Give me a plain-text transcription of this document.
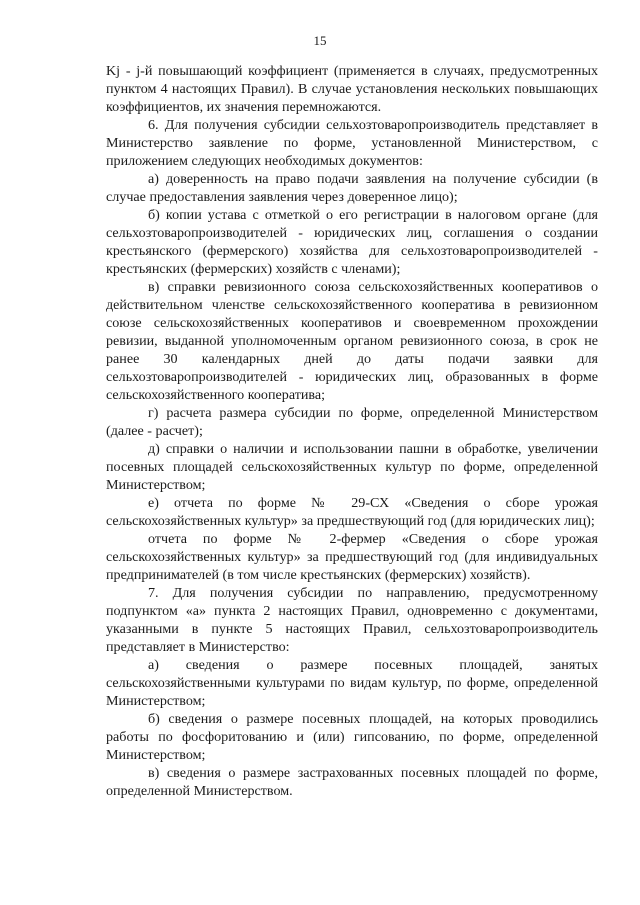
15

Kj - j-й повышающий коэффициент (применяется в случаях, предусмотренных пунктом 4 настоящих Правил). В случае установления нескольких повышающих коэффициентов, их значения перемножаются.

6. Для получения субсидии сельхозтоваропроизводитель представляет в Министерство заявление по форме, установленной Министерством, с приложением следующих необходимых документов:

а) доверенность на право подачи заявления на получение субсидии (в случае предоставления заявления через доверенное лицо);

б) копии устава с отметкой о его регистрации в налоговом органе (для сельхозтоваропроизводителей - юридических лиц, соглашения о создании крестьянского (фермерского) хозяйства для сельхозтоваропроизводителей - крестьянских (фермерских) хозяйств с членами);

в) справки ревизионного союза сельскохозяйственных кооперативов о действительном членстве сельскохозяйственного кооператива в ревизионном союзе сельскохозяйственных кооперативов и своевременном прохождении ревизии, выданной уполномоченным органом ревизионного союза, в срок не ранее 30 календарных дней до даты подачи заявки для сельхозтоваропроизводителей - юридических лиц, образованных в форме сельскохозяйственного кооператива;

г) расчета размера субсидии по форме, определенной Министерством (далее - расчет);

д) справки о наличии и использовании пашни в обработке, увеличении посевных площадей сельскохозяйственных культур по форме, определенной Министерством;

е) отчета по форме № 29-СХ «Сведения о сборе урожая сельскохозяйственных культур» за предшествующий год (для юридических лиц);

отчета по форме № 2-фермер «Сведения о сборе урожая сельскохозяйственных культур» за предшествующий год (для индивидуальных предпринимателей (в том числе крестьянских (фермерских) хозяйств).

7. Для получения субсидии по направлению, предусмотренному подпунктом «а» пункта 2 настоящих Правил, одновременно с документами, указанными в пункте 5 настоящих Правил, сельхозтоваропроизводитель представляет в Министерство:

а) сведения о размере посевных площадей, занятых сельскохозяйственными культурами по видам культур, по форме, определенной Министерством;

б) сведения о размере посевных площадей, на которых проводились работы по фосфоритованию и (или) гипсованию, по форме, определенной Министерством;

в) сведения о размере застрахованных посевных площадей по форме, определенной Министерством.
